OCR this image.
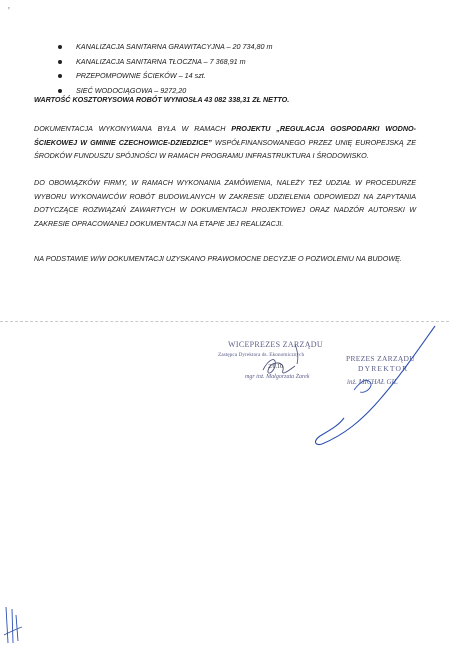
'
KANALIZACJA SANITARNA GRAWITACYJNA – 20 734,80 m
KANALIZACJA SANITARNA TŁOCZNA – 7 368,91 m
PRZEPOMPOWNIE ŚCIEKÓW – 14 szt.
SIEĆ WODOCIĄGOWA – 9272,20
WARTOŚĆ KOSZTORYSOWA ROBÓT WYNIOSŁA 43 082 338,31 ZŁ NETTO.
DOKUMENTACJA WYKONYWANA BYŁA W RAMACH PROJEKTU „REGULACJA GOSPODARKI WODNO-ŚCIEKOWEJ W GMINIE CZECHOWICE-DZIEDZICE” WSPÓŁFINANSOWANEGO PRZEZ UNIĘ EUROPEJSKĄ ZE ŚRODKÓW FUNDUSZU SPÓJNOŚCI W RAMACH PROGRAMU INFRASTRUKTURA I ŚRODOWISKO.
DO OBOWIĄZKÓW FIRMY, W RAMACH WYKONANIA ZAMÓWIENIA, NALEŻY TEŻ UDZIAŁ W PROCEDURZE WYBORU WYKONAWCÓW ROBÓT BUDOWLANYCH W ZAKRESIE UDZIELENIA ODPOWIEDZI NA ZAPYTANIA DOTYCZĄCE ROZWIĄZAŃ ZAWARTYCH W DOKUMENTACJI PROJEKTOWEJ ORAZ NADZÓR AUTORSKI W ZAKRESIE OPRACOWANEJ DOKUMENTACJI NA ETAPIE JEJ REALIZACJI.
NA PODSTAWIE W/W DOKUMENTACJI UZYSKANO PRAWOMOCNE DECYZJE O POZWOLENIU NA BUDOWĘ.
WICEPREZES ZARZĄDU
Zastępca Dyrektora ds. Ekonomicznych
2.6.10
mgr inż. Małgorzata Żarek
PREZES ZARZĄDU
DYREKTOR
inż. MICHAŁ GIL
